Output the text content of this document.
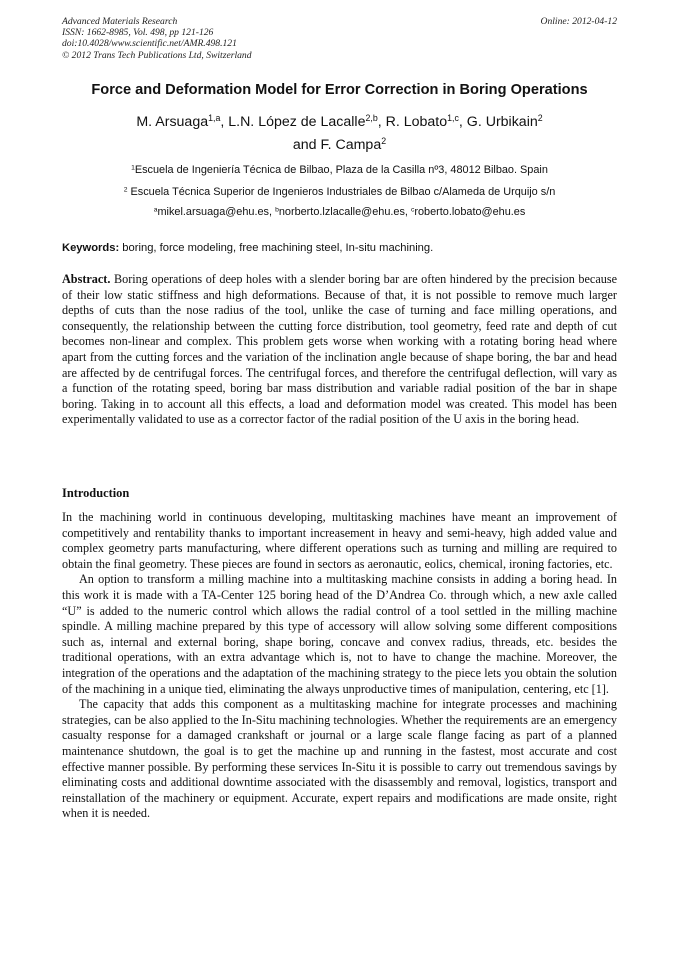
Advanced Materials Research
ISSN: 1662-8985, Vol. 498, pp 121-126
doi:10.4028/www.scientific.net/AMR.498.121
© 2012 Trans Tech Publications Ltd, Switzerland
Online: 2012-04-12
Force and Deformation Model for Error Correction in Boring Operations
M. Arsuaga$^{1,a}$, L.N. López de Lacalle$^{2,b}$, R. Lobato$^{1,c}$, G. Urbikain$^2$
and F. Campa$^2$
$^1$Escuela de Ingeniería Técnica de Bilbao, Plaza de la Casilla nº3, 48012 Bilbao. Spain
$^2$ Escuela Técnica Superior de Ingenieros Industriales de Bilbao c/Alameda de Urquijo s/n
$^a$mikel.arsuaga@ehu.es, $^b$norberto.lzlacalle@ehu.es, $^c$roberto.lobato@ehu.es
Keywords: boring, force modeling, free machining steel, In-situ machining.
Abstract. Boring operations of deep holes with a slender boring bar are often hindered by the precision because of their low static stiffness and high deformations. Because of that, it is not possible to remove much larger depths of cuts than the nose radius of the tool, unlike the case of turning and face milling operations, and consequently, the relationship between the cutting force distribution, tool geometry, feed rate and depth of cut becomes non-linear and complex. This problem gets worse when working with a rotating boring head where apart from the cutting forces and the variation of the inclination angle because of shape boring, the bar and head are affected by de centrifugal forces. The centrifugal forces, and therefore the centrifugal deflection, will vary as a function of the rotating speed, boring bar mass distribution and variable radial position of the bar in shape boring. Taking in to account all this effects, a load and deformation model was created. This model has been experimentally validated to use as a corrector factor of the radial position of the U axis in the boring head.
Introduction

In the machining world in continuous developing, multitasking machines have meant an improvement of competitively and rentability thanks to important increasement in heavy and semi-heavy, high added value and complex geometry parts manufacturing, where different operations such as turning and milling are required to obtain the final geometry. These pieces are found in sectors as aeronautic, eolics, chemical, ironing factories, etc.

An option to transform a milling machine into a multitasking machine consists in adding a boring head. In this work it is made with a TA-Center 125 boring head of the D’Andrea Co. through which, a new axle called “U” is added to the numeric control which allows the radial control of a tool settled in the milling machine spindle. A milling machine prepared by this type of accessory will allow solving some different compositions such as, internal and external boring, shape boring, concave and convex radius, threads, etc. besides the traditional operations, with an extra advantage which is, not to have to change the machine. Moreover, the integration of the operations and the adaptation of the machining strategy to the piece lets you obtain the solution of the machining in a unique tied, eliminating the always unproductive times of manipulation, centering, etc [1].

The capacity that adds this component as a multitasking machine for integrate processes and machining strategies, can be also applied to the In-Situ machining technologies. Whether the requirements are an emergency casualty response for a damaged crankshaft or journal or a large scale flange facing as part of a planned maintenance shutdown, the goal is to get the machine up and running in the fastest, most accurate and cost effective manner possible. By performing these services In-Situ it is possible to carry out tremendous savings by eliminating costs and additional downtime associated with the disassembly and removal, logistics, transport and reinstallation of the machinery or equipment. Accurate, expert repairs and modifications are made onsite, right when it is needed.
